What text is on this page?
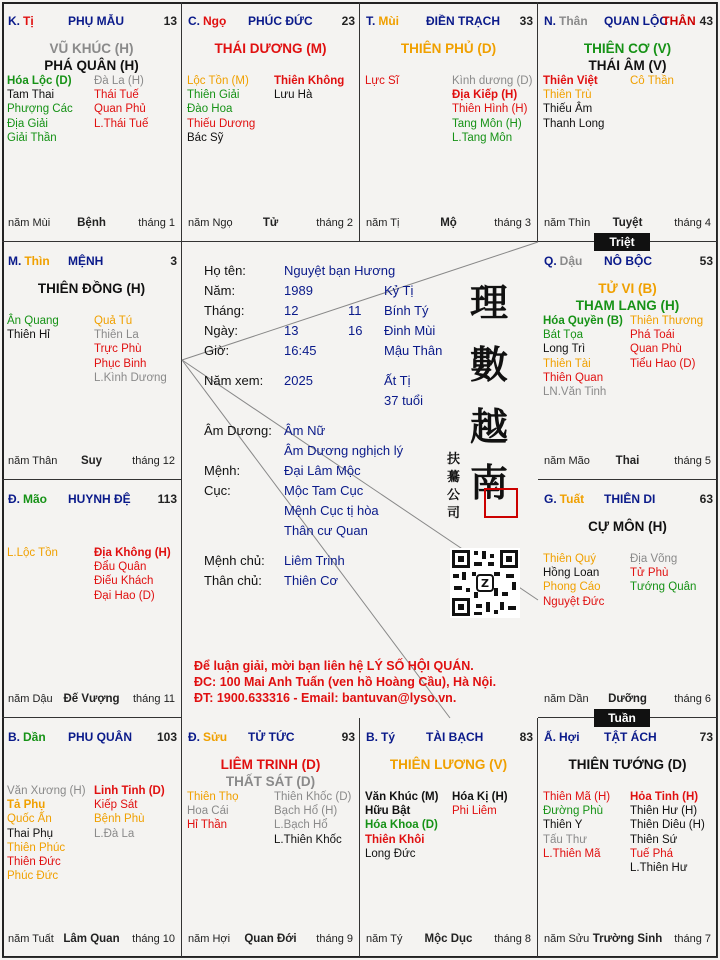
K. Tị	PHỤ MẪU	13
VŨ KHÚC (H)
PHÁ QUÂN (H)
Hóa Lộc (D)
Tam Thai
Phượng Các
Địa Giải
Giải Thần
Đà La (H)
Thái Tuế
Quan Phủ
L.Thái Tuế
Bệnh
năm Mùi	tháng 1
C. Ngọ PHÚC ĐỨC 23
THÁI DƯƠNG (M)
Lộc Tồn (M)
Thiên Giải
Đào Hoa
Thiếu Dương
Bác Sỹ
Thiên Không
Lưu Hà
Tử
năm Ngọ	tháng 2
T. Mùi ĐIỀN TRẠCH 33
THIÊN PHỦ (D)
Lực Sĩ	Kình dương (D)
Địa Kiếp (H)
Thiên Hình (H)
Tang Môn (H)
L.Tang Môn
Mộ
năm Tị	tháng 3
N. Thân QUAN LỘC
THÂN 43
THIÊN CƠ (V)
THÁI ÂM (V)
Thiên Việt
Thiên Trù
Thiếu Âm
Thanh Long
Cô Thần
Tuyệt
năm Thìn	tháng 4
M. Thìn MỆNH	3
THIÊN ĐỒNG (H)
Ân Quang
Thiên Hỉ
Quả Tú
Thiên La
Trực Phù
Phục Binh
L.Kình Dương
Suy
năm Thân	tháng 12
Q. Dậu NÔ BỘC	53
TỬ VI (B)
THAM LANG (H)
Hóa Quyền (B)
Bát Tọa
Long Trì
Thiên Tài
Thiên Quan
LN.Văn Tinh
Thiên Thương
Phá Toái
Quan Phù
Tiểu Hao (D)
Thai
năm Mão	tháng 5
Đ. Mão HUYNH ĐỆ 113
L.Lộc Tồn	Địa Không (H)
Đẩu Quân
Điếu Khách
Đại Hao (D)
Đế Vượng
năm Dậu	tháng 11
G. Tuất THIÊN DI	63
CỰ MÔN (H)
Thiên Quý
Hồng Loan
Phong Cáo
Nguyệt Đức
Địa Võng
Tử Phù
Tướng Quân
Dưỡng
năm Dần	tháng 6
B. Dần PHU QUÂN 103
Văn Xương (H)
Tả Phụ
Quốc Ấn
Thai Phụ
Thiên Phúc
Thiên Đức
Phúc Đức
Linh Tinh (D)
Kiếp Sát
Bệnh Phù
L.Đà La
Lâm Quan
năm Tuất	tháng 10
Đ. Sửu TỬ TỨC	93
LIÊM TRINH (D)
THẤT SÁT (D)
Thiên Thọ
Hoa Cái
Hỉ Thần
Thiên Khốc (D)
Bạch Hổ (H)
L.Bạch Hổ
L.Thiên Khốc
Quan Đới
năm Hợi	tháng 9
B. Tý	TÀI BẠCH	83
THIÊN LƯƠNG (V)
Văn Khúc (M)
Hữu Bật
Hóa Khoa (D)
Thiên Khôi
Long Đức
Hóa Kị (H)
Phi Liêm
Mộc Dục
năm Tý	tháng 8
Ấ. Hợi TẬT ÁCH	73
THIÊN TƯỚNG (D)
Thiên Mã (H)
Đường Phù
Thiên Y
Tấu Thư
L.Thiên Mã
Hỏa Tinh (H)
Thiên Hư (H)
Thiên Diêu (H)
Thiên Sứ
Tuế Phá
L.Thiên Hư
Trường Sinh
năm Sửu	tháng 7
Triệt
Tuần
Họ tên:	Nguyệt bạn Hương
Năm:	1989	Kỷ Tị
Tháng:	12	11 Bính Tý
Ngày:	13	16 Đinh Mùi
Giờ:	16:45	Mậu Thân
Năm xem: 2025	Ất Tị
37 tuổi
Âm Dương: Âm Nữ
Âm Dương nghịch lý
Mệnh:	Đại Lâm Mộc
Cục:	Mộc Tam Cục
Mệnh Cục tị hòa
Thân cư Quan
Mệnh chủ: Liêm Trinh
Thân chủ: Thiên Cơ
理
數
越
南
扶
驀
公
司
Z
Để luận giải, mời bạn liên hệ LÝ SỐ HỘI QUÁN.
ĐC: 100 Mai Anh Tuấn (ven hồ Hoàng Cầu), Hà Nội.
ĐT: 1900.633316 - Email: bantuvan@lyso.vn.
